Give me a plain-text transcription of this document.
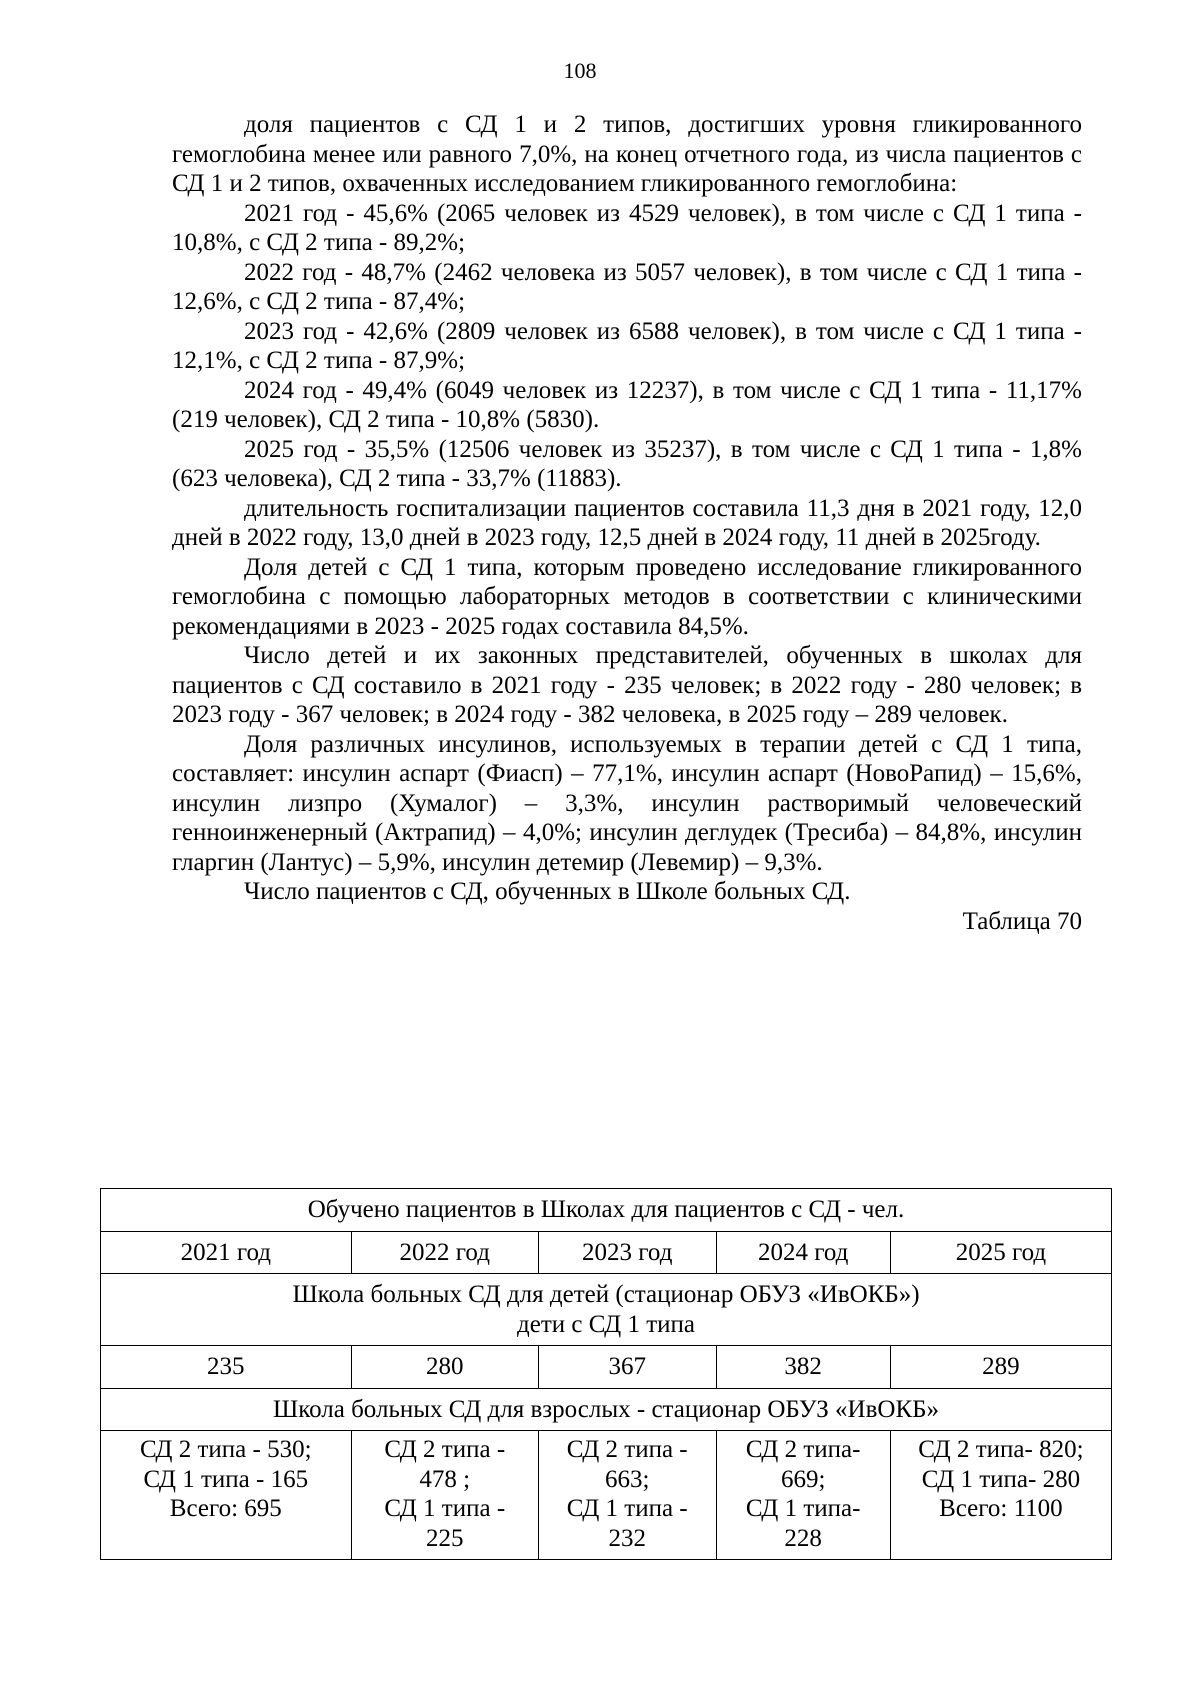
108

доля пациентов с СД 1 и 2 типов, достигших уровня гликированного гемоглобина менее или равного 7,0%, на конец отчетного года, из числа пациентов с СД 1 и 2 типов, охваченных исследованием гликированного гемоглобина:

2021 год - 45,6% (2065 человек из 4529 человек), в том числе с СД 1 типа - 10,8%, с СД 2 типа - 89,2%;

2022 год - 48,7% (2462 человека из 5057 человек), в том числе с СД 1 типа - 12,6%, с СД 2 типа - 87,4%;

2023 год - 42,6% (2809 человек из 6588 человек), в том числе с СД 1 типа - 12,1%, с СД 2 типа - 87,9%;

2024 год - 49,4% (6049 человек из 12237), в том числе с СД 1 типа - 11,17% (219 человек), СД 2 типа - 10,8% (5830).

2025 год - 35,5% (12506 человек из 35237), в том числе с СД 1 типа - 1,8% (623 человека), СД 2 типа - 33,7% (11883).

длительность госпитализации пациентов составила 11,3 дня в 2021 году, 12,0 дней в 2022 году, 13,0 дней в 2023 году, 12,5 дней в 2024 году, 11 дней в 2025году.

Доля детей с СД 1 типа, которым проведено исследование гликированного гемоглобина с помощью лабораторных методов в соответствии с клиническими рекомендациями в 2023 - 2025 годах составила 84,5%.

Число детей и их законных представителей, обученных в школах для пациентов с СД составило в 2021 году - 235 человек; в 2022 году - 280 человек; в 2023 году - 367 человек; в 2024 году - 382 человека, в 2025 году – 289 человек.

Доля различных инсулинов, используемых в терапии детей с СД 1 типа, составляет: инсулин аспарт (Фиасп) – 77,1%, инсулин аспарт (НовоРапид) – 15,6%, инсулин лизпро (Хумалог) – 3,3%, инсулин растворимый человеческий генноинженерный (Актрапид) – 4,0%; инсулин деглудек (Тресиба) – 84,8%, инсулин гларгин (Лантус) – 5,9%, инсулин детемир (Левемир) – 9,3%.

Число пациентов с СД, обученных в Школе больных СД.

Таблица 70

Обучено пациентов в Школах для пациентов с СД - чел.				
2021 год	2022 год	2023 год	2024 год	2025 год

Школа больных СД для детей (стационар ОБУЗ «ИвОКБ»)
дети с СД 1 типа				

235	280	367	382	289
Школа больных СД для взрослых - стационар ОБУЗ «ИвОКБ»				

СД 2 типа - 530;
СД 1 типа - 165
Всего: 695	СД 2 типа -
478 ;
СД 1 типа -
225	СД 2 типа -
663;
СД 1 типа -
232	СД 2 типа-
669;
СД 1 типа-
228	СД 2 типа- 820;
СД 1 типа- 280
Всего: 1100
